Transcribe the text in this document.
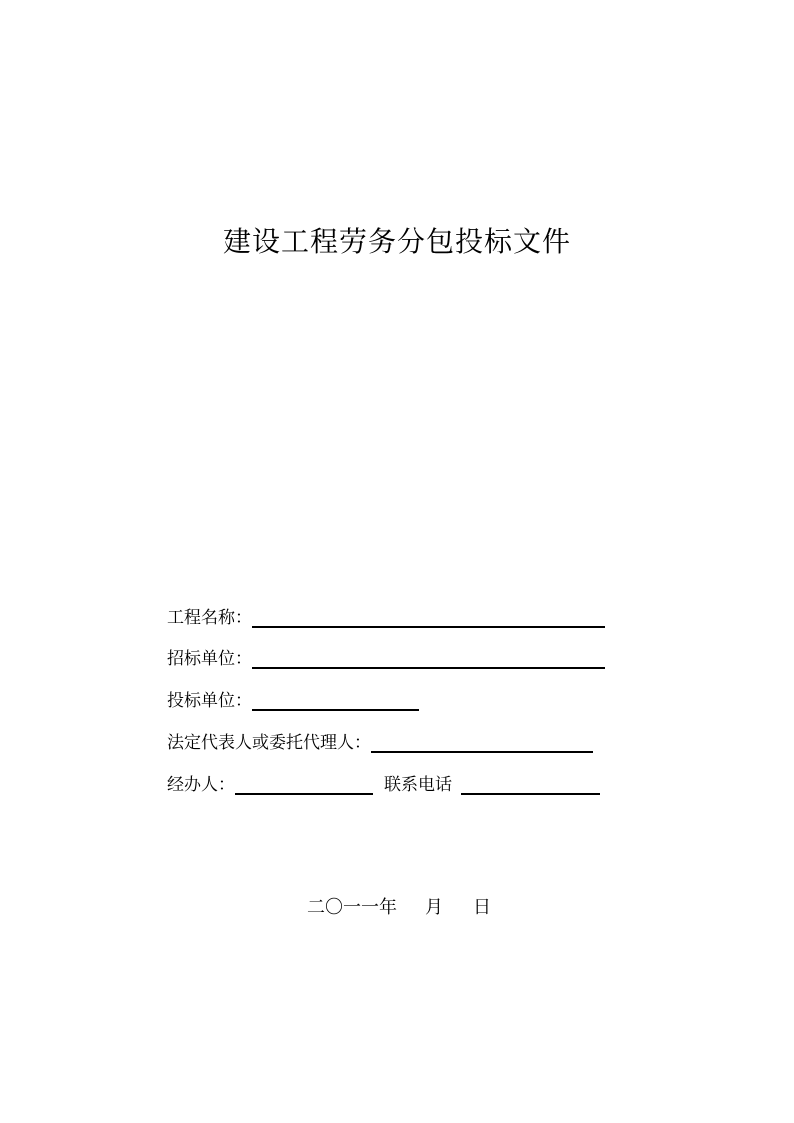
建设工程劳务分包投标文件
工程名称：
招标单位：
投标单位：
法定代表人或委托代理人：
经办人：	联系电话
二〇一一年 月 日
